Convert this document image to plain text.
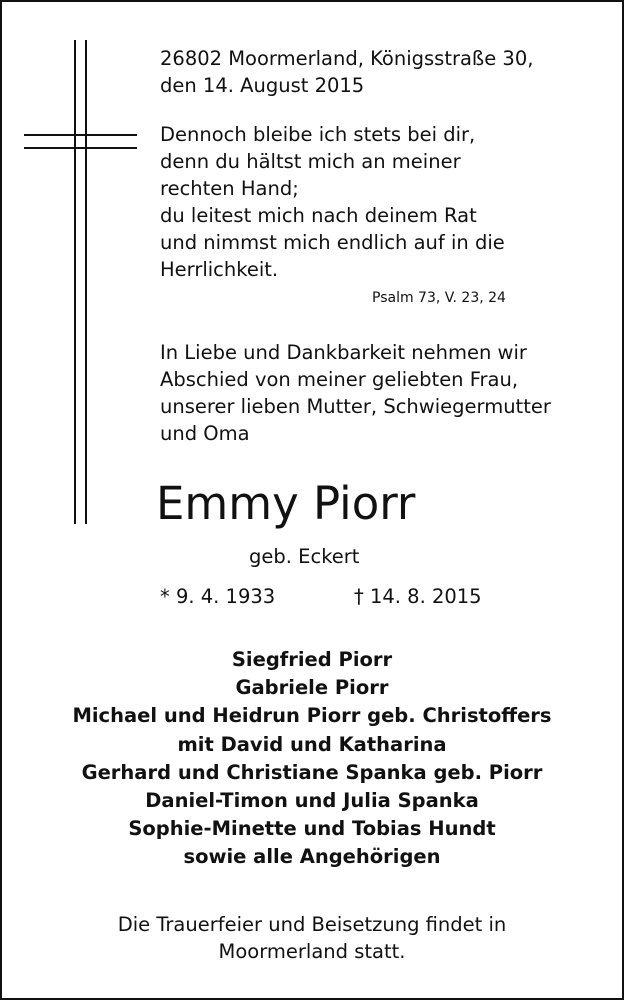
26802 Moormerland, Königsstraße 30,
den 14. August 2015
Dennoch bleibe ich stets bei dir,
denn du hältst mich an meiner
rechten Hand;
du leitest mich nach deinem Rat
und nimmst mich endlich auf in die
Herrlichkeit.
Psalm 73, V. 23, 24
In Liebe und Dankbarkeit nehmen wir
Abschied von meiner geliebten Frau,
unserer lieben Mutter, Schwiegermutter
und Oma
Emmy Piorr
geb. Eckert
* 9. 4. 1933	† 14. 8. 2015
Siegfried Piorr
Gabriele Piorr
Michael und Heidrun Piorr geb. Christoffers
mit David und Katharina
Gerhard und Christiane Spanka geb. Piorr
Daniel-Timon und Julia Spanka
Sophie-Minette und Tobias Hundt
sowie alle Angehörigen
Die Trauerfeier und Beisetzung findet in
Moormerland statt.
